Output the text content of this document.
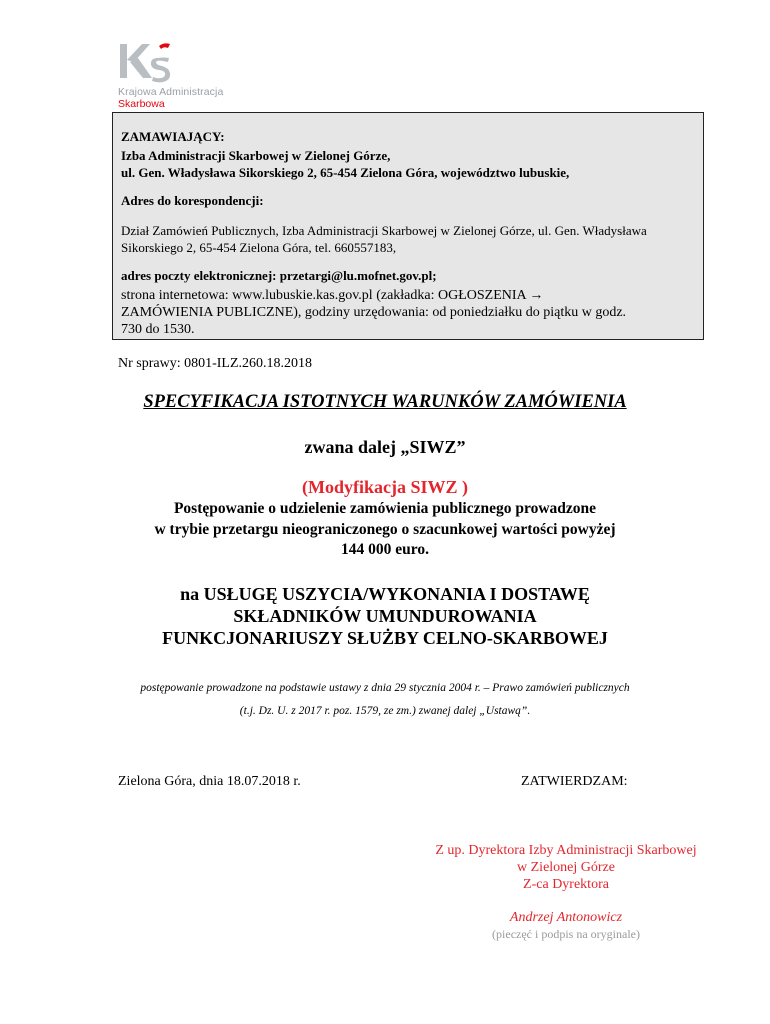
Krajowa Administracja
Skarbowa
ZAMAWIAJĄCY:
Izba Administracji Skarbowej w Zielonej Górze,
ul. Gen. Władysława Sikorskiego 2, 65-454 Zielona Góra, województwo lubuskie,
Adres do korespondencji:
Dział Zamówień Publicznych, Izba Administracji Skarbowej w Zielonej Górze, ul. Gen. Władysława
Sikorskiego 2, 65-454 Zielona Góra, tel. 660557183,
adres poczty elektronicznej: przetargi@lu.mofnet.gov.pl;
strona internetowa: www.lubuskie.kas.gov.pl (zakładka: OGŁOSZENIA →
ZAMÓWIENIA PUBLICZNE), godziny urzędowania: od poniedziałku do piątku w godz.
730 do 1530.
Nr sprawy: 0801-ILZ.260.18.2018
SPECYFIKACJA ISTOTNYCH WARUNKÓW ZAMÓWIENIA
zwana dalej „SIWZ”
(Modyfikacja SIWZ )
Postępowanie o udzielenie zamówienia publicznego prowadzone
w trybie przetargu nieograniczonego o szacunkowej wartości powyżej
144 000 euro.
na USŁUGĘ USZYCIA/WYKONANIA I DOSTAWĘ
SKŁADNIKÓW UMUNDUROWANIA
FUNKCJONARIUSZY SŁUŻBY CELNO-SKARBOWEJ
postępowanie prowadzone na podstawie ustawy z dnia 29 stycznia 2004 r. – Prawo zamówień publicznych
(t.j. Dz. U. z 2017 r. poz. 1579, ze zm.) zwanej dalej „Ustawą”.
Zielona Góra, dnia 18.07.2018 r.	ZATWIERDZAM:
Z up. Dyrektora Izby Administracji Skarbowej
w Zielonej Górze
Z-ca Dyrektora
Andrzej Antonowicz
(pieczęć i podpis na oryginale)
